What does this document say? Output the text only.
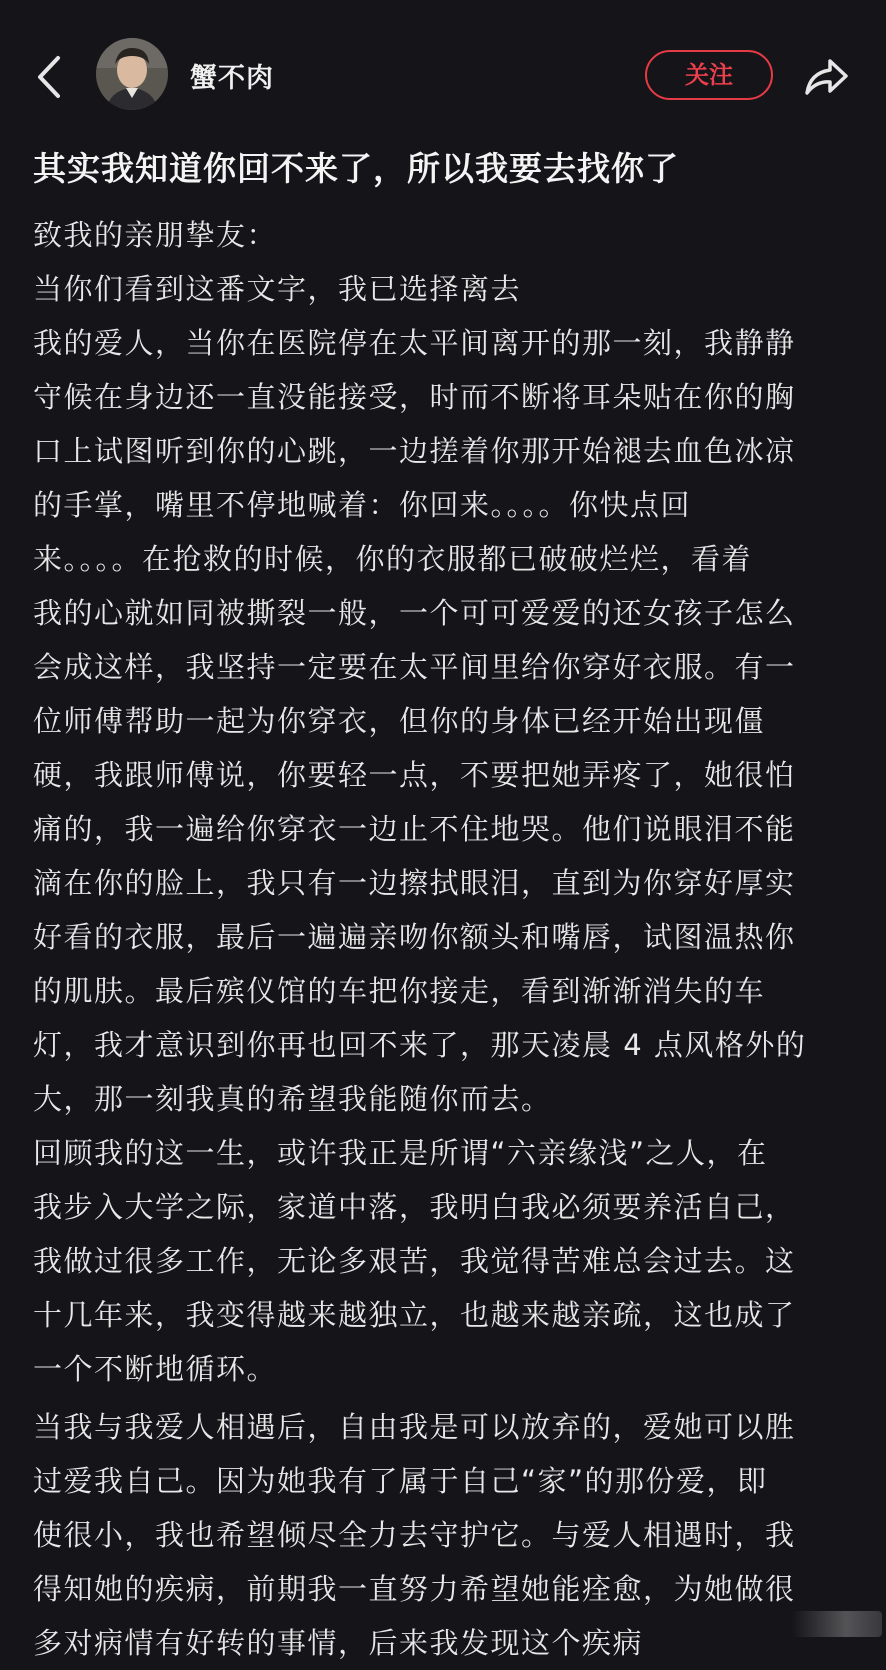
蟹不肉	关注
其实我知道你回不来了，所以我要去找你了
致我的亲朋挚友：
当你们看到这番文字，我已选择离去
我的爱人，当你在医院停在太平间离开的那一刻，我静静
守候在身边还一直没能接受，时而不断将耳朵贴在你的胸
口上试图听到你的心跳，一边搓着你那开始褪去血色冰凉
的手掌，嘴里不停地喊着：你回来。。。。你快点回
来。。。。在抢救的时候，你的衣服都已破破烂烂，看着
我的心就如同被撕裂一般，一个可可爱爱的还女孩子怎么
会成这样，我坚持一定要在太平间里给你穿好衣服。有一
位师傅帮助一起为你穿衣，但你的身体已经开始出现僵
硬，我跟师傅说，你要轻一点，不要把她弄疼了，她很怕
痛的，我一遍给你穿衣一边止不住地哭。他们说眼泪不能
滴在你的脸上，我只有一边擦拭眼泪，直到为你穿好厚实
好看的衣服，最后一遍遍亲吻你额头和嘴唇，试图温热你
的肌肤。最后殡仪馆的车把你接走，看到渐渐消失的车
灯，我才意识到你再也回不来了，那天凌晨 4 点风格外的
大，那一刻我真的希望我能随你而去。
回顾我的这一生，或许我正是所谓“六亲缘浅”之人，在
我步入大学之际，家道中落，我明白我必须要养活自己，
我做过很多工作，无论多艰苦，我觉得苦难总会过去。这
十几年来，我变得越来越独立，也越来越亲疏，这也成了
一个不断地循环。
当我与我爱人相遇后，自由我是可以放弃的，爱她可以胜
过爱我自己。因为她我有了属于自己“家”的那份爱，即
使很小，我也希望倾尽全力去守护它。与爱人相遇时，我
得知她的疾病，前期我一直努力希望她能痊愈，为她做很
多对病情有好转的事情，后来我发现这个疾病
